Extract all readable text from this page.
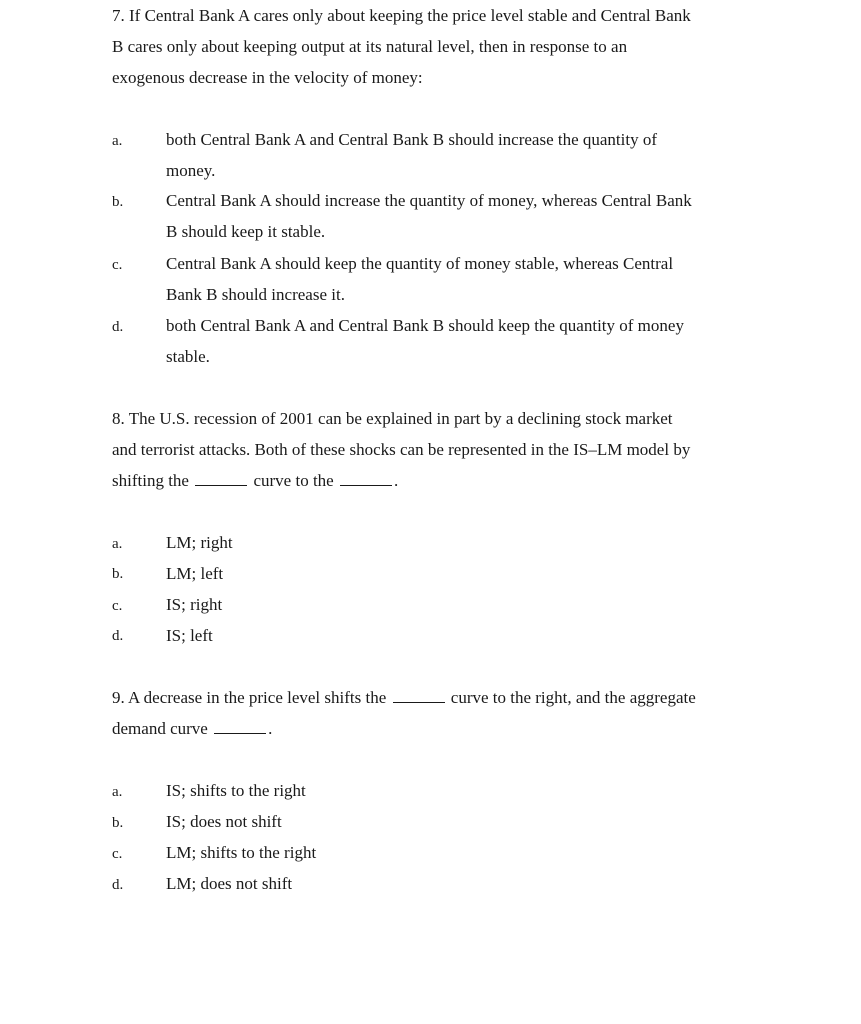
7. If Central Bank A cares only about keeping the price level stable and Central Bank
B cares only about keeping output at its natural level, then in response to an
exogenous decrease in the velocity of money:
a.	both Central Bank A and Central Bank B should increase the quantity of
money.
b.	Central Bank A should increase the quantity of money, whereas Central Bank
B should keep it stable.
c.	Central Bank A should keep the quantity of money stable, whereas Central
Bank B should increase it.
d.	both Central Bank A and Central Bank B should keep the quantity of money
stable.
8. The U.S. recession of 2001 can be explained in part by a declining stock market
and terrorist attacks. Both of these shocks can be represented in the IS–LM model by
shifting the	curve to the	.
a.	LM; right
b.	LM; left
c.	IS; right
d.	IS; left
9. A decrease in the price level shifts the	curve to the right, and the aggregate
demand curve	.
a.	IS; shifts to the right
b.	IS; does not shift
c.	LM; shifts to the right
d.	LM; does not shift
